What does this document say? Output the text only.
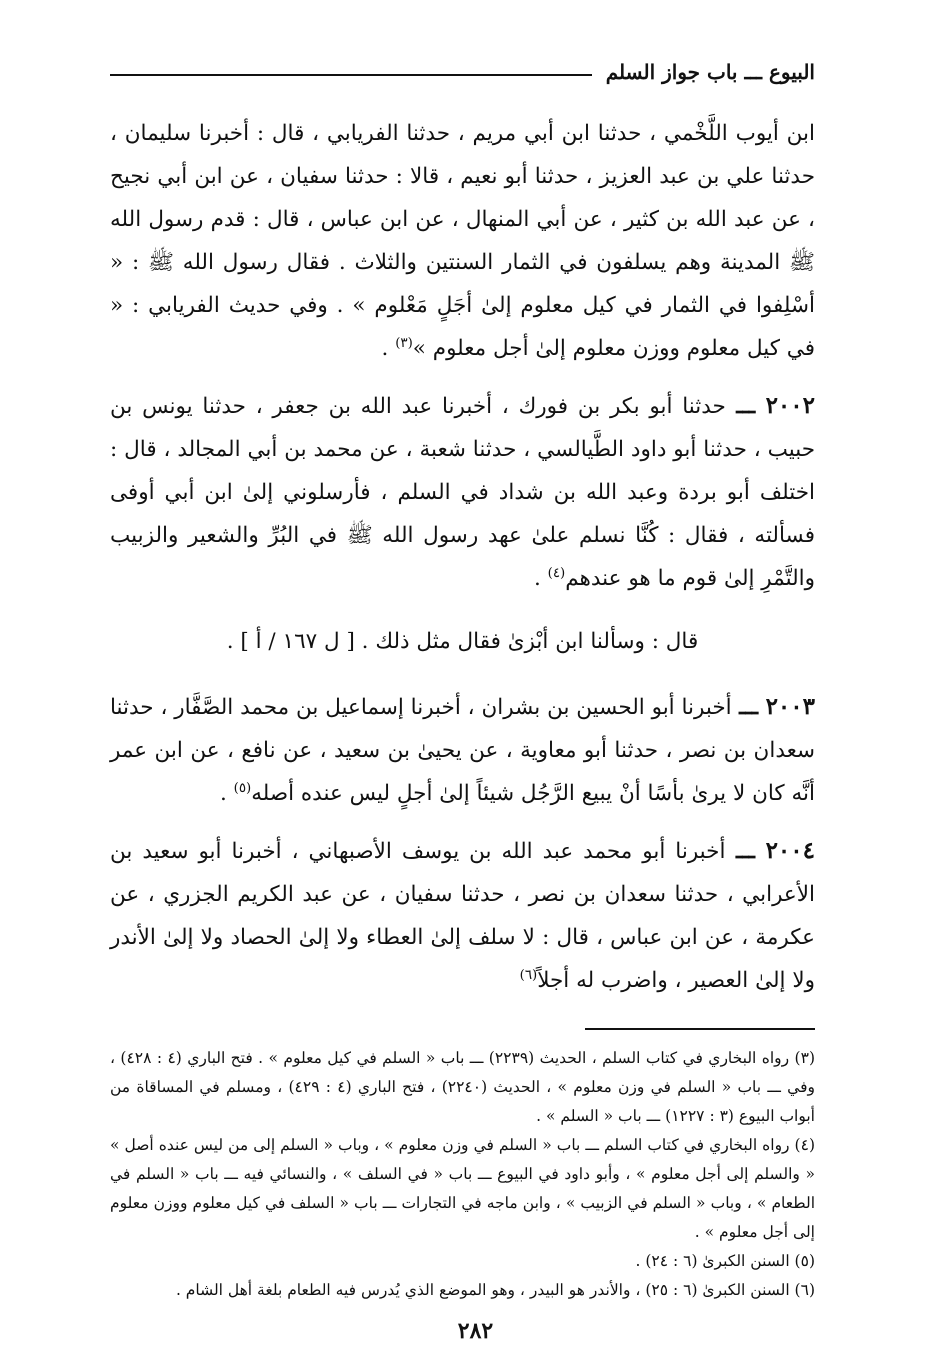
البيوع ـــ باب جواز السلم

ابن أيوب اللَّخْمي ، حدثنا ابن أبي مريم ، حدثنا الفريابي ، قال : أخبرنا سليمان ، حدثنا علي بن عبد العزيز ، حدثنا أبو نعيم ، قالا : حدثنا سفيان ، عن ابن أبي نجيح ، عن عبد الله بن كثير ، عن أبي المنهال ، عن ابن عباس ، قال : قدم رسول الله ﷺ المدينة وهم يسلفون في الثمار السنتين والثلاث . فقال رسول الله ﷺ : « أسْلِفوا في الثمار في كيل معلوم إلىٰ أجَلٍ مَعْلوم » . وفي حديث الفريابي : « في كيل معلوم ووزن معلوم إلىٰ أجل معلوم »$^{(٣)}$ .

٢٠٠٢ ـــ حدثنا أبو بكر بن فورك ، أخبرنا عبد الله بن جعفر ، حدثنا يونس بن حبيب ، حدثنا أبو داود الطَّيالسي ، حدثنا شعبة ، عن محمد بن أبي المجالد ، قال : اختلف أبو بردة وعبد الله بن شداد في السلم ، فأرسلوني إلىٰ ابن أبي أوفى فسألته ، فقال : كُنَّا نسلم علىٰ عهد رسول الله ﷺ في البُرِّ والشعير والزبيب والتَّمْرِ إلىٰ قوم ما هو عندهم$^{(٤)}$ .

قال : وسألنا ابن أبْزىٰ فقال مثل ذلك . [ ل ١٦٧ / أ ] .

٢٠٠٣ ـــ أخبرنا أبو الحسين بن بشران ، أخبرنا إسماعيل بن محمد الصَّفَّار ، حدثنا سعدان بن نصر ، حدثنا أبو معاوية ، عن يحيىٰ بن سعيد ، عن نافع ، عن ابن عمر أنَّه كان لا يرىٰ بأسًا أنْ يبيع الرَّجُل شيئاً إلىٰ أجلٍ ليس عنده أصله$^{(٥)}$ .

٢٠٠٤ ـــ أخبرنا أبو محمد عبد الله بن يوسف الأصبهاني ، أخبرنا أبو سعيد بن الأعرابي ، حدثنا سعدان بن نصر ، حدثنا سفيان ، عن عبد الكريم الجزري ، عن عكرمة ، عن ابن عباس ، قال : لا سلف إلىٰ العطاء ولا إلىٰ الحصاد ولا إلىٰ الأندر ولا إلىٰ العصير ، واضرب له أجلاً$^{(٦)}$

(٣) رواه البخاري في كتاب السلم ، الحديث (٢٢٣٩) ـــ باب « السلم في كيل معلوم » . فتح الباري (٤ : ٤٢٨) ، وفي ـــ باب « السلم في وزن معلوم » ، الحديث (٢٢٤٠) ، فتح الباري (٤ : ٤٢٩) ، ومسلم في المساقاة من أبواب البيوع (٣ : ١٢٢٧) ـــ باب « السلم » .

(٤) رواه البخاري في كتاب السلم ـــ باب « السلم في وزن معلوم » ، وباب « السلم إلى من ليس عنده أصل » « والسلم إلى أجل معلوم » ، وأبو داود في البيوع ـــ باب « في السلف » ، والنسائي فيه ـــ باب « السلم في الطعام » ، وباب « السلم في الزبيب » ، وابن ماجه في التجارات ـــ باب « السلف في كيل معلوم ووزن معلوم إلى أجل معلوم » .

(٥) السنن الكبرىٰ (٦ : ٢٤) .

(٦) السنن الكبرىٰ (٦ : ٢٥) ، والأندر هو البيدر ، وهو الموضع الذي يُدرس فيه الطعام بلغة أهل الشام .

٢٨٢
